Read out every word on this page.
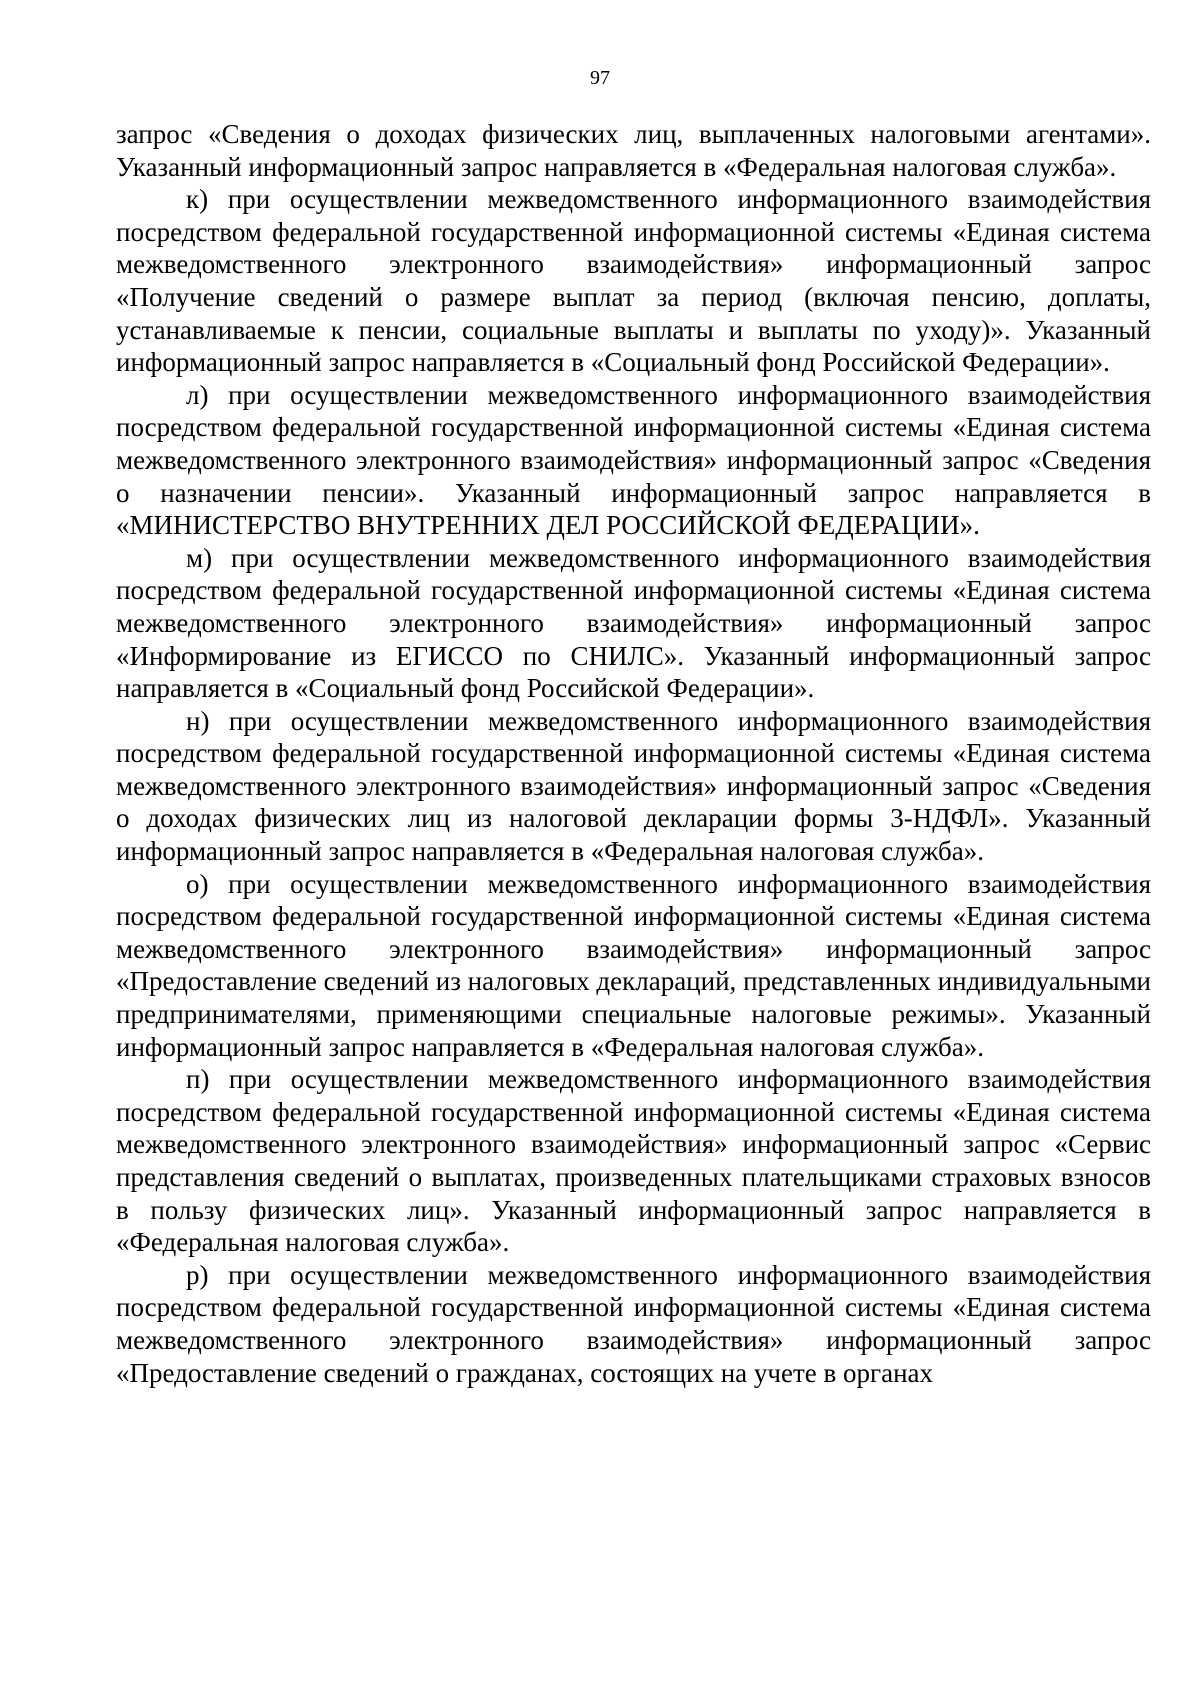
97

запрос «Сведения о доходах физических лиц, выплаченных налоговыми агентами». Указанный информационный запрос направляется в «Федеральная налоговая служба».

к) при осуществлении межведомственного информационного взаимодействия посредством федеральной государственной информационной системы «Единая система межведомственного электронного взаимодействия» информационный запрос «Получение сведений о размере выплат за период (включая пенсию, доплаты, устанавливаемые к пенсии, социальные выплаты и выплаты по уходу)». Указанный информационный запрос направляется в «Социальный фонд Российской Федерации».

л) при осуществлении межведомственного информационного взаимодействия посредством федеральной государственной информационной системы «Единая система межведомственного электронного взаимодействия» информационный запрос «Сведения о назначении пенсии». Указанный информационный запрос направляется в «МИНИСТЕРСТВО ВНУТРЕННИХ ДЕЛ РОССИЙСКОЙ ФЕДЕРАЦИИ».

м) при осуществлении межведомственного информационного взаимодействия посредством федеральной государственной информационной системы «Единая система межведомственного электронного взаимодействия» информационный запрос «Информирование из ЕГИССО по СНИЛС». Указанный информационный запрос направляется в «Социальный фонд Российской Федерации».

н) при осуществлении межведомственного информационного взаимодействия посредством федеральной государственной информационной системы «Единая система межведомственного электронного взаимодействия» информационный запрос «Сведения о доходах физических лиц из налоговой декларации формы 3-НДФЛ». Указанный информационный запрос направляется в «Федеральная налоговая служба».

о) при осуществлении межведомственного информационного взаимодействия посредством федеральной государственной информационной системы «Единая система межведомственного электронного взаимодействия» информационный запрос «Предоставление сведений из налоговых деклараций, представленных индивидуальными предпринимателями, применяющими специальные налоговые режимы». Указанный информационный запрос направляется в «Федеральная налоговая служба».

п) при осуществлении межведомственного информационного взаимодействия посредством федеральной государственной информационной системы «Единая система межведомственного электронного взаимодействия» информационный запрос «Сервис представления сведений о выплатах, произведенных плательщиками страховых взносов в пользу физических лиц». Указанный информационный запрос направляется в «Федеральная налоговая служба».

р) при осуществлении межведомственного информационного взаимодействия посредством федеральной государственной информационной системы «Единая система межведомственного электронного взаимодействия» информационный запрос «Предоставление сведений о гражданах, состоящих на учете в органах
